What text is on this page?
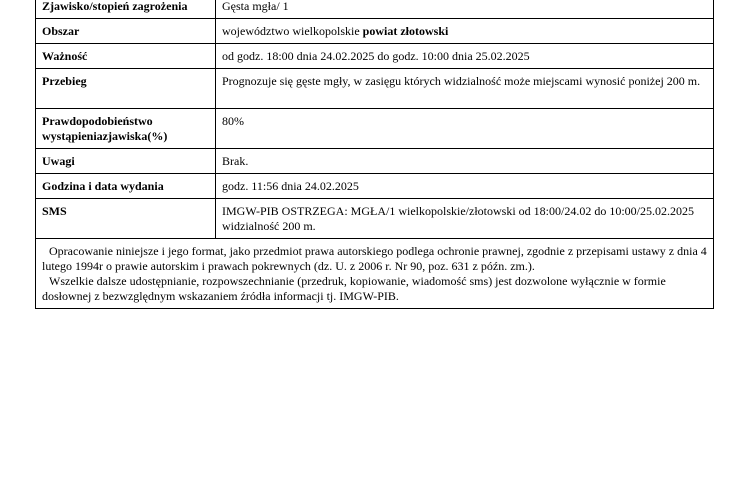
Zjawisko/stopień zagrożenia	Gęsta mgła/ 1
Obszar	województwo wielkopolskie powiat złotowski
Ważność	od godz. 18:00 dnia 24.02.2025 do godz. 10:00 dnia 25.02.2025
Przebieg	Prognozuje się gęste mgły, w zasięgu których widzialność może miejscami wynosić poniżej 200 m.
Prawdopodobieństwo wystąpieniazjawiska(%)	80%
Uwagi	Brak.
Godzina i data wydania	godz. 11:56 dnia 24.02.2025
SMS	IMGW-PIB OSTRZEGA: MGŁA/1 wielkopolskie/złotowski od 18:00/24.02 do 10:00/25.02.2025 widzialność 200 m.

Opracowanie niniejsze i jego format, jako przedmiot prawa autorskiego podlega ochronie prawnej, zgodnie z przepisami ustawy z dnia 4 lutego 1994r o prawie autorskim i prawach pokrewnych (dz. U. z 2006 r. Nr 90, poz. 631 z późn. zm.).
Wszelkie dalsze udostępnianie, rozpowszechnianie (przedruk, kopiowanie, wiadomość sms) jest dozwolone wyłącznie w formie dosłownej z bezwzględnym wskazaniem źródła informacji tj. IMGW-PIB.	
